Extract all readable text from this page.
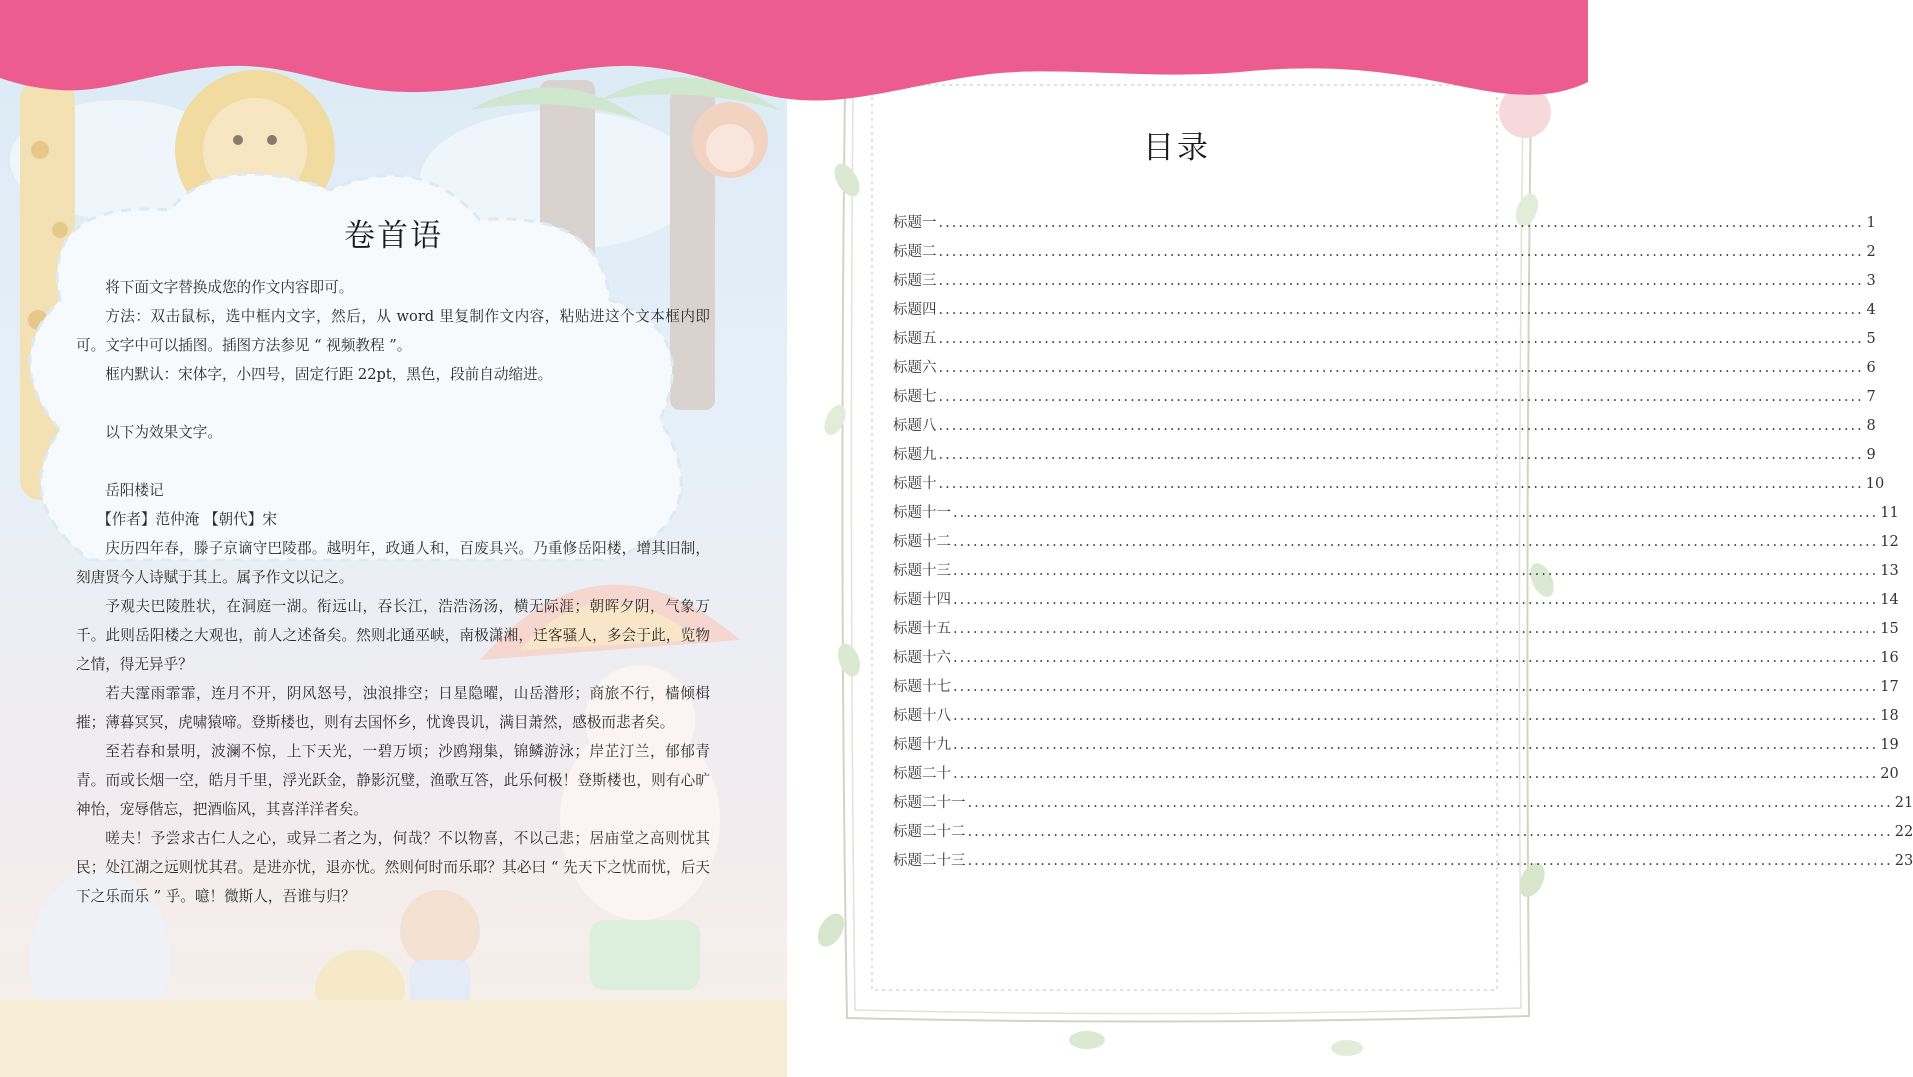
卷首语

将下面文字替换成您的作文内容即可。

方法：双击鼠标，选中框内文字，然后，从 word 里复制作文内容，粘贴进这个文本框内即可。文字中可以插图。插图方法参见 “ 视频教程 ”。

框内默认：宋体字，小四号，固定行距 22pt，黑色，段前自动缩进。

以下为效果文字。

岳阳楼记

【作者】范仲淹 【朝代】宋

庆历四年春，滕子京谪守巴陵郡。越明年，政通人和，百废具兴。乃重修岳阳楼，增其旧制，刻唐贤今人诗赋于其上。属予作文以记之。

予观夫巴陵胜状，在洞庭一湖。衔远山，吞长江，浩浩汤汤，横无际涯；朝晖夕阴，气象万千。此则岳阳楼之大观也，前人之述备矣。然则北通巫峡，南极潇湘，迁客骚人，多会于此，览物之情，得无异乎？

若夫霪雨霏霏，连月不开，阴风怒号，浊浪排空；日星隐曜，山岳潜形；商旅不行，樯倾楫摧；薄暮冥冥，虎啸猿啼。登斯楼也，则有去国怀乡，忧谗畏讥，满目萧然，感极而悲者矣。

至若春和景明，波澜不惊，上下天光，一碧万顷；沙鸥翔集，锦鳞游泳；岸芷汀兰，郁郁青青。而或长烟一空，皓月千里，浮光跃金，静影沉璧，渔歌互答，此乐何极！登斯楼也，则有心旷神怡，宠辱偕忘，把酒临风，其喜洋洋者矣。

嗟夫！予尝求古仁人之心，或异二者之为，何哉？不以物喜，不以己悲；居庙堂之高则忧其民；处江湖之远则忧其君。是进亦忧，退亦忧。然则何时而乐耶？其必曰 “ 先天下之忧而忧，后天下之乐而乐 ” 乎。噫！微斯人，吾谁与归？

目录
标题一 ............................................................................................................................................ 1
标题二 ............................................................................................................................................ 2
标题三 ............................................................................................................................................ 3
标题四 ............................................................................................................................................ 4
标题五 ............................................................................................................................................ 5
标题六 ............................................................................................................................................ 6
标题七 ............................................................................................................................................ 7
标题八 ............................................................................................................................................ 8
标题九 ............................................................................................................................................ 9
标题十 ............................................................................................................................................ 10
标题十一 ............................................................................................................................................ 11
标题十二 ............................................................................................................................................ 12
标题十三 ............................................................................................................................................ 13
标题十四 ............................................................................................................................................ 14
标题十五 ............................................................................................................................................ 15
标题十六 ............................................................................................................................................ 16
标题十七 ............................................................................................................................................ 17
标题十八 ............................................................................................................................................ 18
标题十九 ............................................................................................................................................ 19
标题二十 ............................................................................................................................................ 20
标题二十一 ............................................................................................................................................ 21
标题二十二 ............................................................................................................................................ 22
标题二十三 ............................................................................................................................................ 23
